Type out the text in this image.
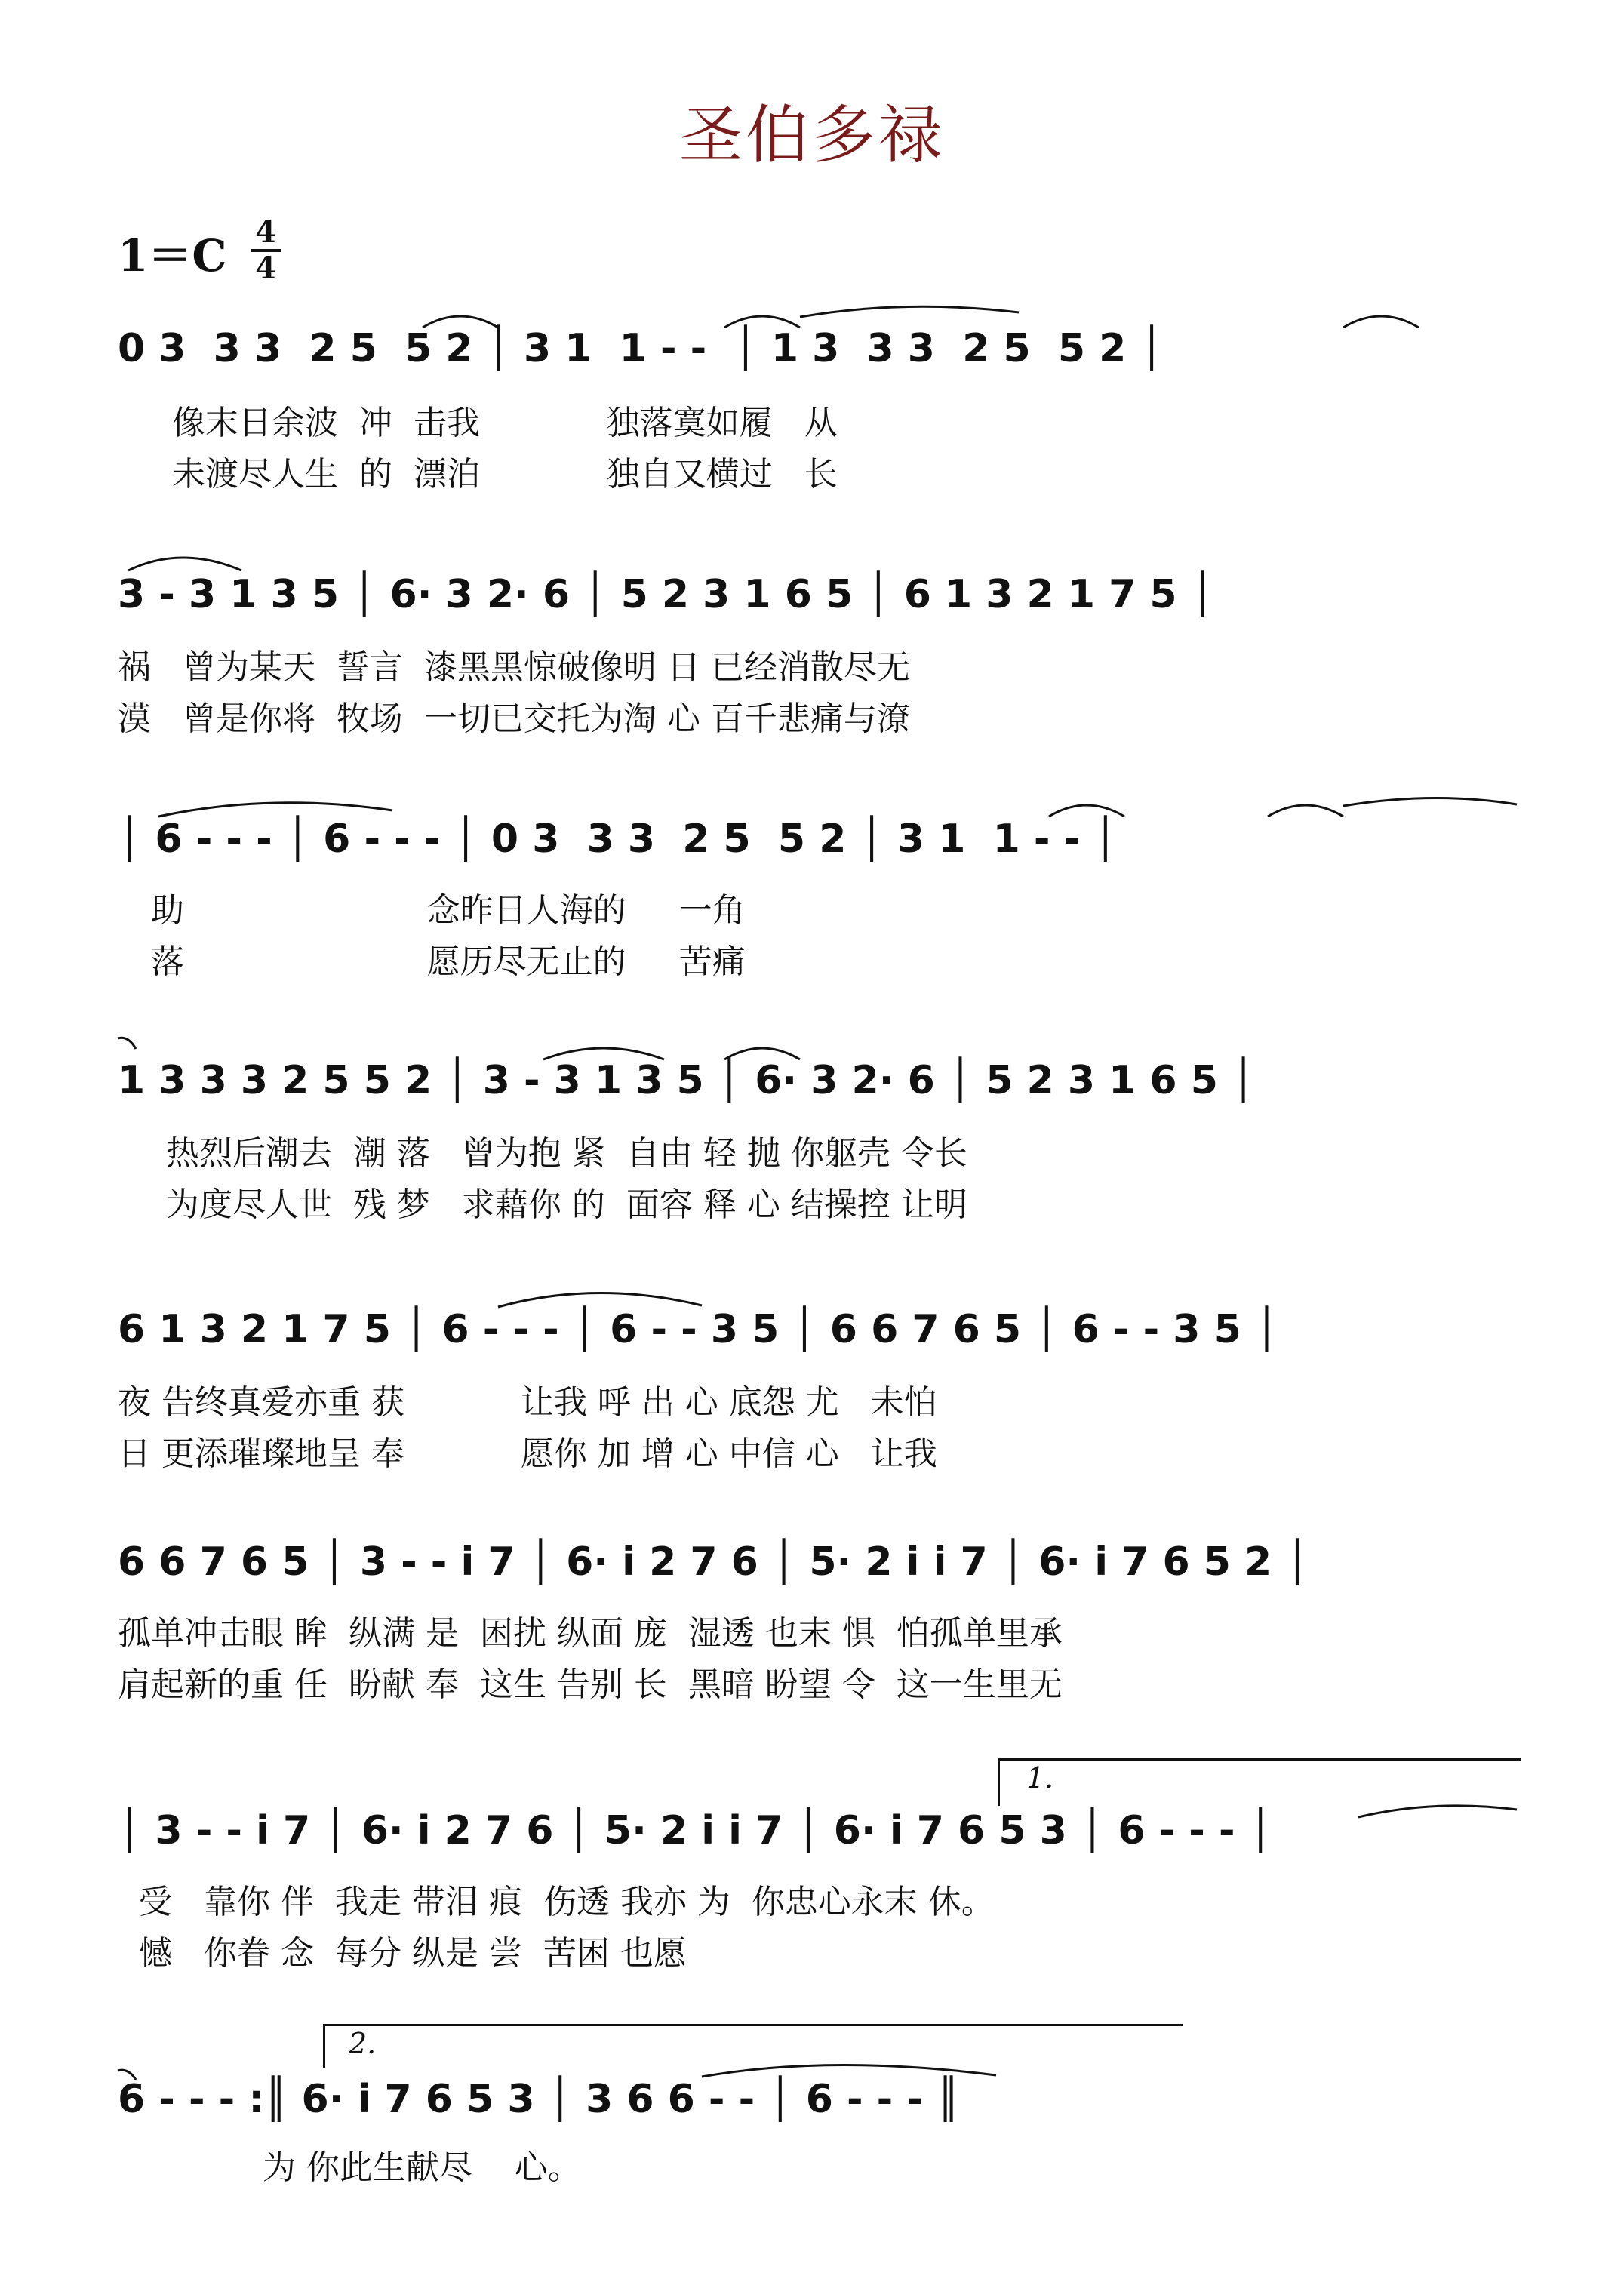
圣伯多禄
1＝C 4
4
0 3  3 3  2 5  5 2 │ 3 1  1 - -  │ 1 3  3 3  2 5  5 2 │
像末日余波  冲  击我            独落寞如履   从
未渡尽人生  的  漂泊            独自又横过   长
3 - 3 1 3 5 │ 6· 3 2· 6 │ 5 2 3 1 6 5 │ 6 1 3 2 1 7 5 │
祸   曾为某天  誓言  漆黑黑惊破像明 日 已经消散尽无
漠   曾是你将  牧场  一切已交托为淘 心 百千悲痛与潦
│ 6 - - - │ 6 - - - │ 0 3  3 3  2 5  5 2 │ 3 1  1 - - │
助                       念昨日人海的     一角
落                       愿历尽无止的     苦痛
1 3 3 3 2 5 5 2 │ 3 - 3 1 3 5 │ 6· 3 2· 6 │ 5 2 3 1 6 5 │
热烈后潮去  潮 落   曾为抱 紧  自由 轻 抛 你躯壳 令长
为度尽人世  残 梦   求藉你 的  面容 释 心 结操控 让明
6 1 3 2 1 7 5 │ 6 - - - │ 6 - - 3 5 │ 6 6 7 6 5 │ 6 - - 3 5 │
夜 告终真爱亦重 获           让我 呼 出 心 底怨 尤   未怕
日 更添璀璨地呈 奉           愿你 加 增 心 中信 心   让我
6 6 7 6 5 │ 3 - - i 7 │ 6· i 2 7 6 │ 5· 2 i i 7 │ 6· i 7 6 5 2 │
孤单冲击眼 眸  纵满 是  困扰 纵面 庞  湿透 也末 惧  怕孤单里承
肩起新的重 任  盼献 奉  这生 告别 长  黑暗 盼望 令  这一生里无
1.
│ 3 - - i 7 │ 6· i 2 7 6 │ 5· 2 i i 7 │ 6· i 7 6 5 3 │ 6 - - - │
受   靠你 伴  我走 带泪 痕  伤透 我亦 为  你忠心永末 休。
憾   你眷 念  每分 纵是 尝  苦困 也愿
2.
6 - - - :║ 6· i 7 6 5 3 │ 3 6 6 - - │ 6 - - - ║
为 你此生献尽    心。
